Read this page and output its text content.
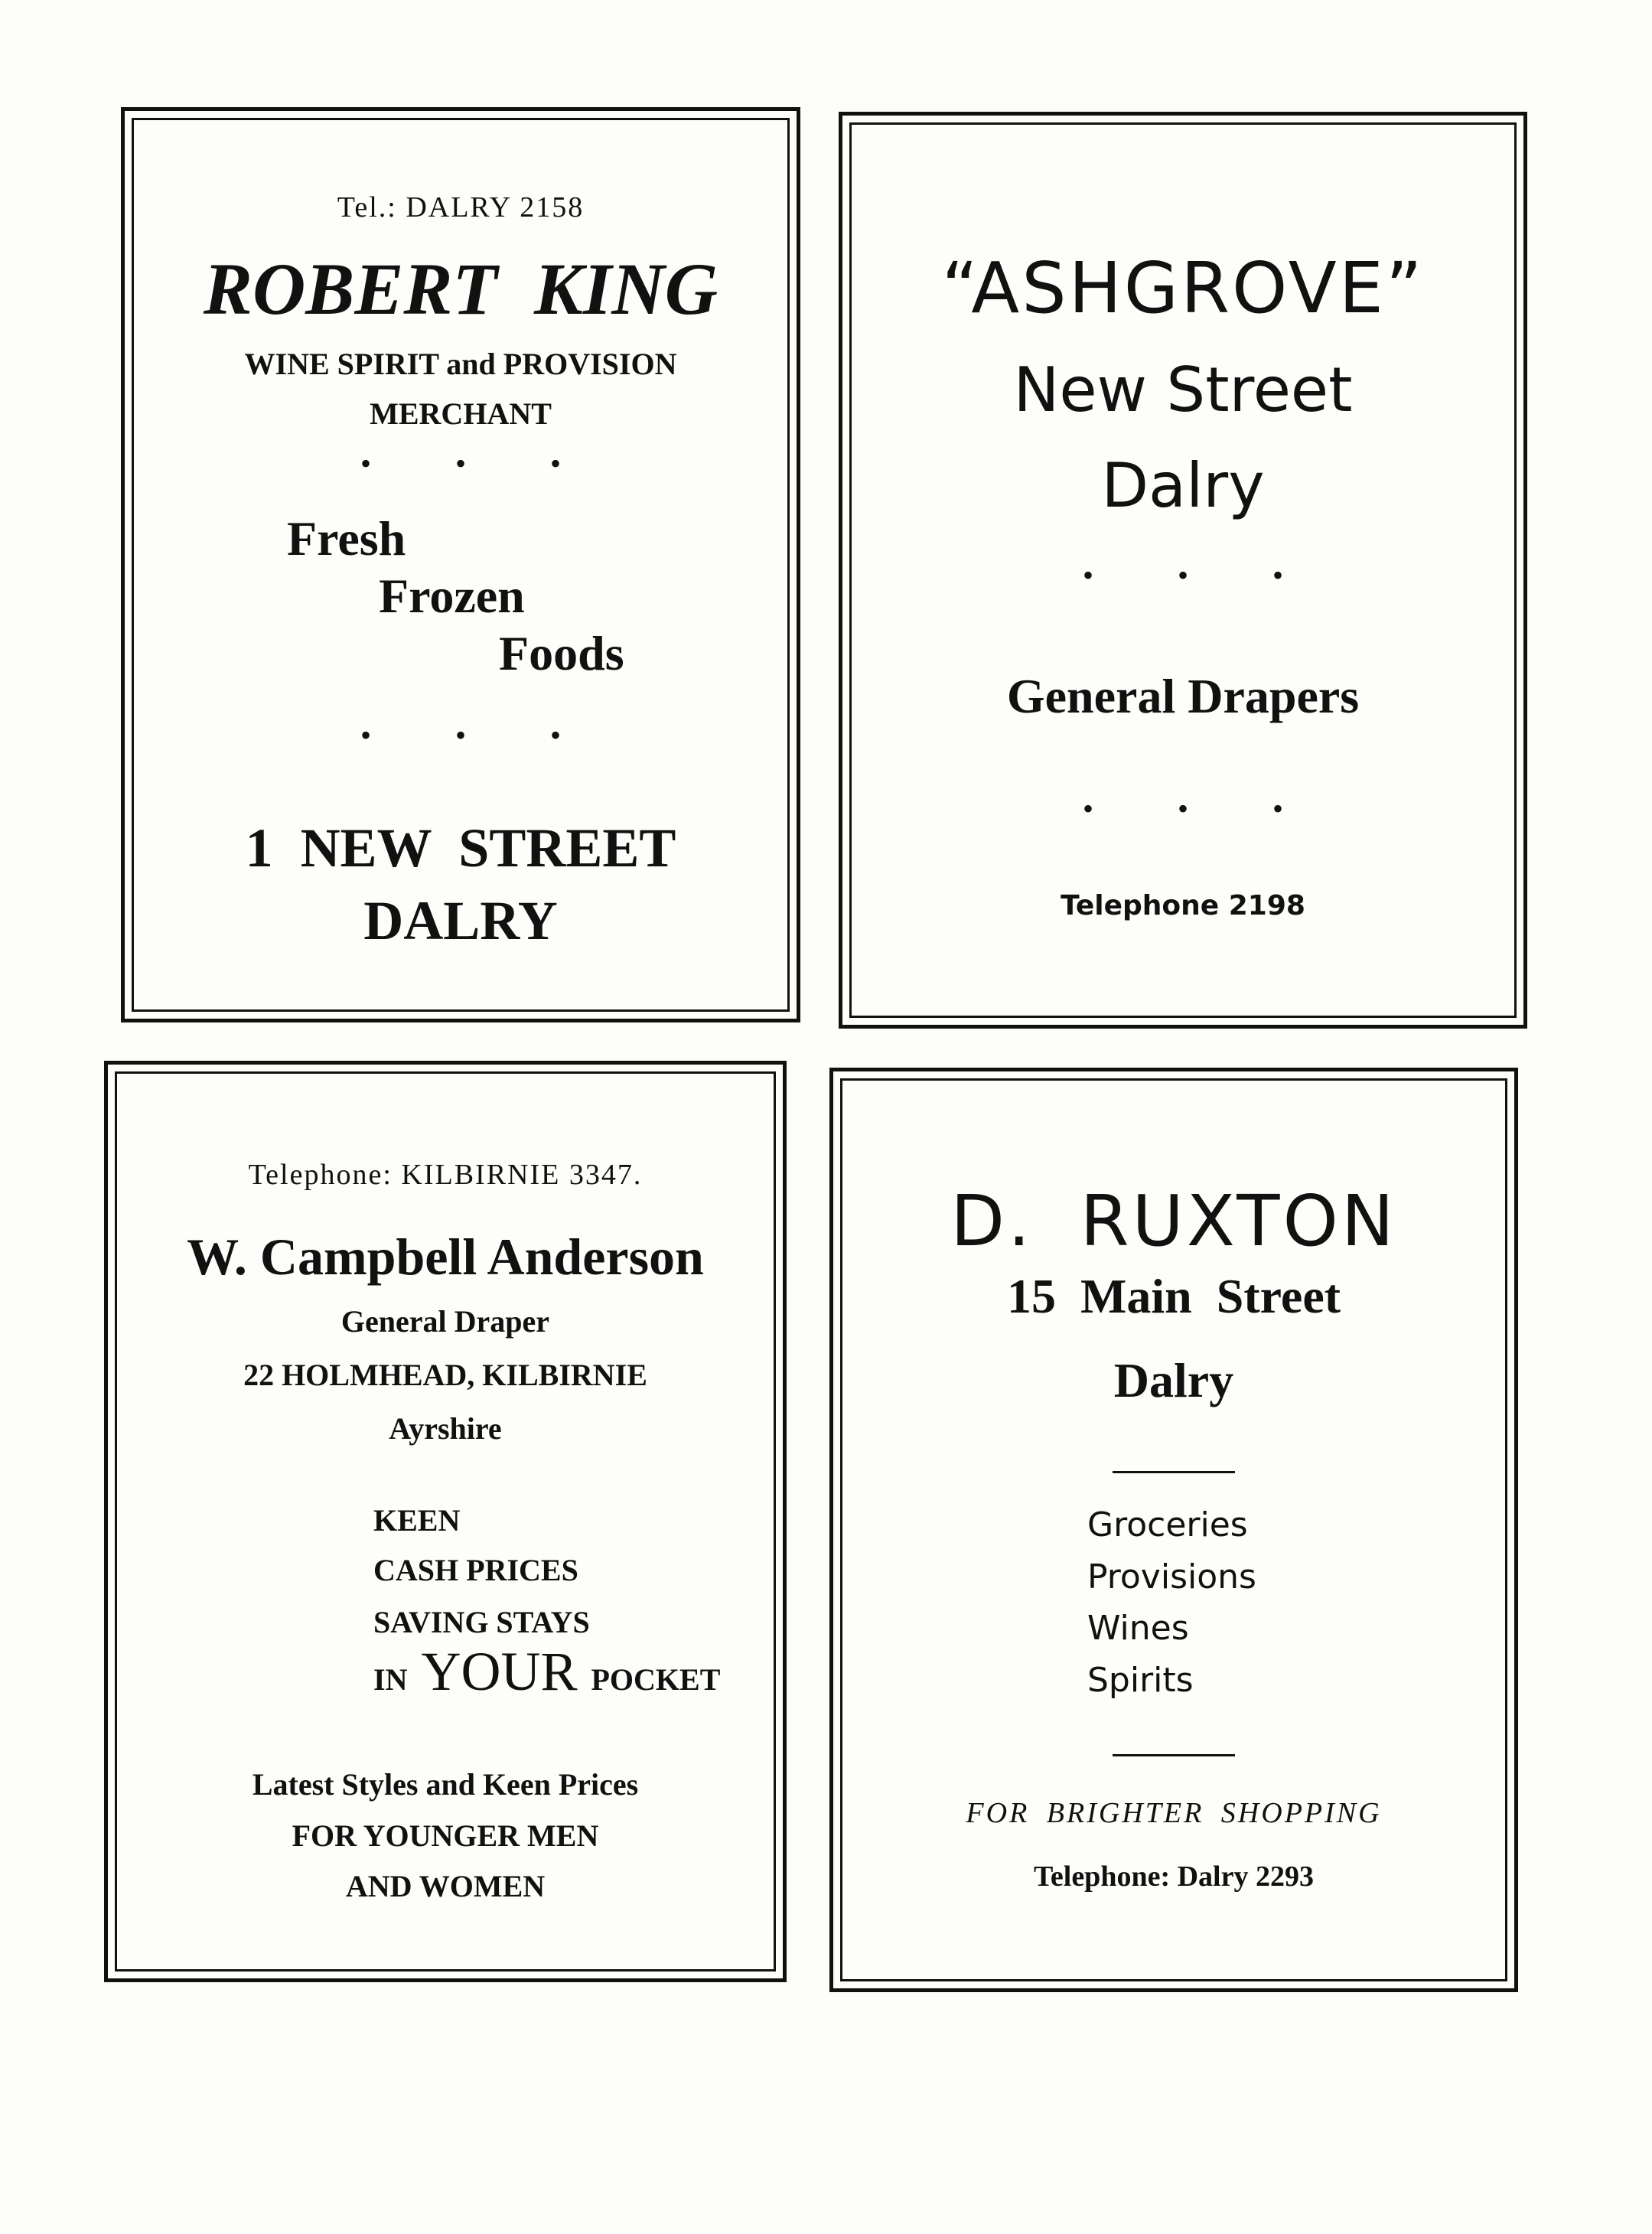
Tel.: DALRY 2158

ROBERT KING

WINE SPIRIT and PROVISION

MERCHANT

• • •

Fresh

Frozen

Foods

• • •

1 NEW STREET

DALRY

“ASHGROVE”

New Street

Dalry

• • •

General Drapers

• • •

Telephone 2198

Telephone: KILBIRNIE 3347.

W. Campbell Anderson

General Draper

22 HOLMHEAD, KILBIRNIE

Ayrshire

KEEN

CASH PRICES

SAVING STAYS

IN YOUR POCKET

Latest Styles and Keen Prices

FOR YOUNGER MEN

AND WOMEN

D. RUXTON

15 Main Street

Dalry

Groceries

Provisions

Wines

Spirits

FOR BRIGHTER SHOPPING

Telephone: Dalry 2293
